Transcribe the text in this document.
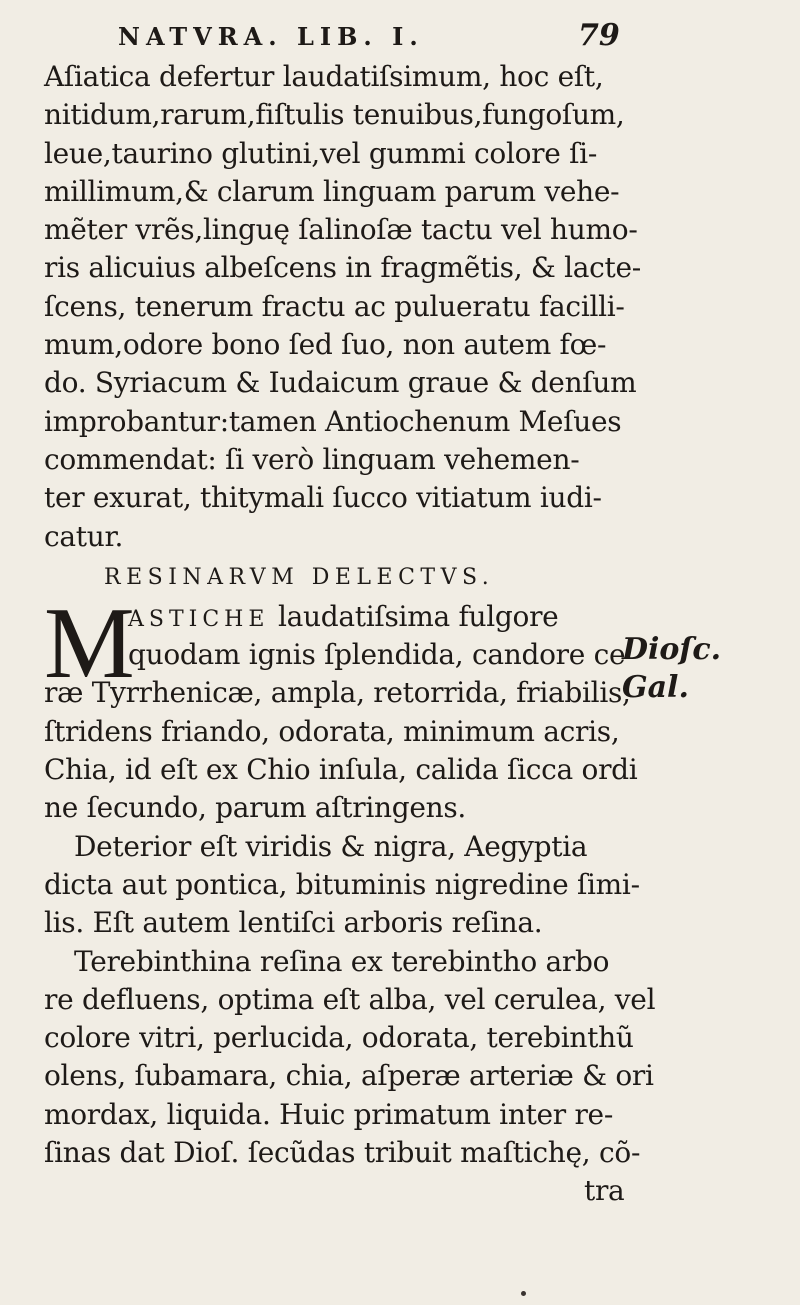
NATVRA. LIB. I.	79
Aſiatica defertur laudatiſsimum, hoc eſt,
nitidum,rarum,fiſtulis tenuibus,fungoſum,
leue,taurino glutini,vel gummi colore ſi-
millimum,& clarum linguam parum vehe-
mẽter vrẽs,linguę ſalinoſæ tactu vel humo-
ris alicuius albeſcens in fragmẽtis, & lacte-
ſcens, tenerum fractu ac pulueratu facilli-
mum,odore bono ſed ſuo, non autem fœ-
do. Syriacum & Iudaicum graue & denſum
improbantur:tamen Antiochenum Meſues
commendat: ſi verò linguam vehemen-
ter exurat, thitymali ſucco vitiatum iudi-
catur.
RESINARVM DELECTVS.
M
ASTICHE laudatiſsima fulgore
quodam ignis ſplendida, candore ce
ræ Tyrrhenicæ, ampla, retorrida, friabilis,
ſtridens friando, odorata, minimum acris,
Chia, id eſt ex Chio inſula, calida ſicca ordi
ne ſecundo, parum aſtringens.
Deterior eſt viridis & nigra, Aegyptia
dicta aut pontica, bituminis nigredine ſimi-
lis. Eſt autem lentiſci arboris reſina.
Terebinthina reſina ex terebintho arbo
re defluens, optima eſt alba, vel cerulea, vel
colore vitri, perlucida, odorata, terebinthũ
olens, ſubamara, chia, aſperæ arteriæ & ori
mordax, liquida. Huic primatum inter re-
ſinas dat Dioſ. ſecũdas tribuit maſtichę, cõ-
tra
Dioſc.
Gal.
